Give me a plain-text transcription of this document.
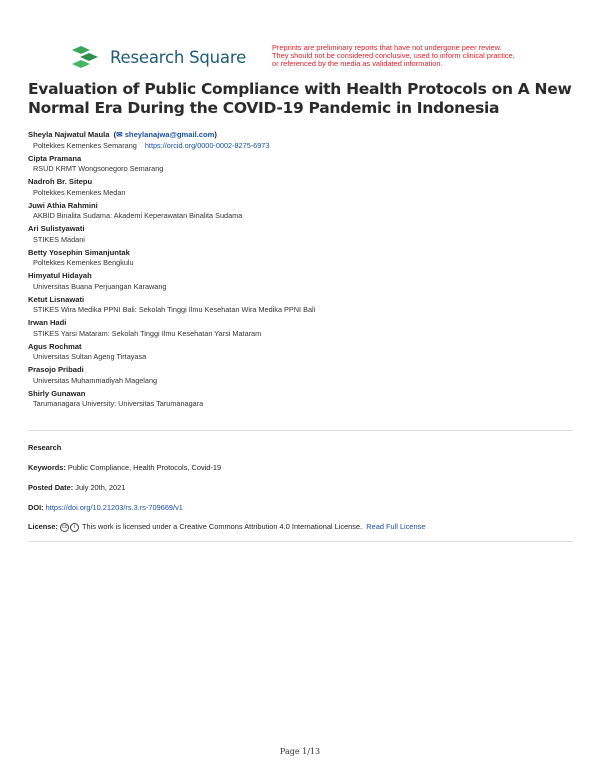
Research Square	Preprints are preliminary reports that have not undergone peer review.
They should not be considered conclusive, used to inform clinical practice,
or referenced by the media as validated information.
Evaluation of Public Compliance with Health Protocols on A New Normal Era During the COVID-19 Pandemic in Indonesia
Sheyla Najwatul Maula  (✉ sheylanajwa@gmail.com)
Poltekkes Kemenkes Semarang https://orcid.org/0000-0002-8275-6973
Cipta Pramana
RSUD KRMT Wongsonegoro Semarang
Nadroh Br. Sitepu
Poltekkes Kemenkes Medan
Juwi Athia Rahmini
AKBID Binalita Sudama: Akademi Keperawatan Binalita Sudama
Ari Sulistyawati
STIKES Madani
Betty Yosephin Simanjuntak
Poltekkes Kemenkes Bengkulu
Himyatul Hidayah
Universitas Buana Perjuangan Karawang
Ketut Lisnawati
STIKES Wira Medika PPNI Bali: Sekolah Tinggi Ilmu Kesehatan Wira Medika PPNI Bali
Irwan Hadi
STIKES Yarsi Mataram: Sekolah Tinggi Ilmu Kesehatan Yarsi Mataram
Agus Rochmat
Universitas Sultan Ageng Tirtayasa
Prasojo Pribadi
Universitas Muhammadiyah Magelang
Shirly Gunawan
Tarumanagara University: Universitas Tarumanagara
Research
Keywords: Public Compliance, Health Protocols, Covid-19
Posted Date: July 20th, 2021
DOI: https://doi.org/10.21203/rs.3.rs-709669/v1
License: cc i This work is licensed under a Creative Commons Attribution 4.0 International License. Read Full License
Page 1/13
